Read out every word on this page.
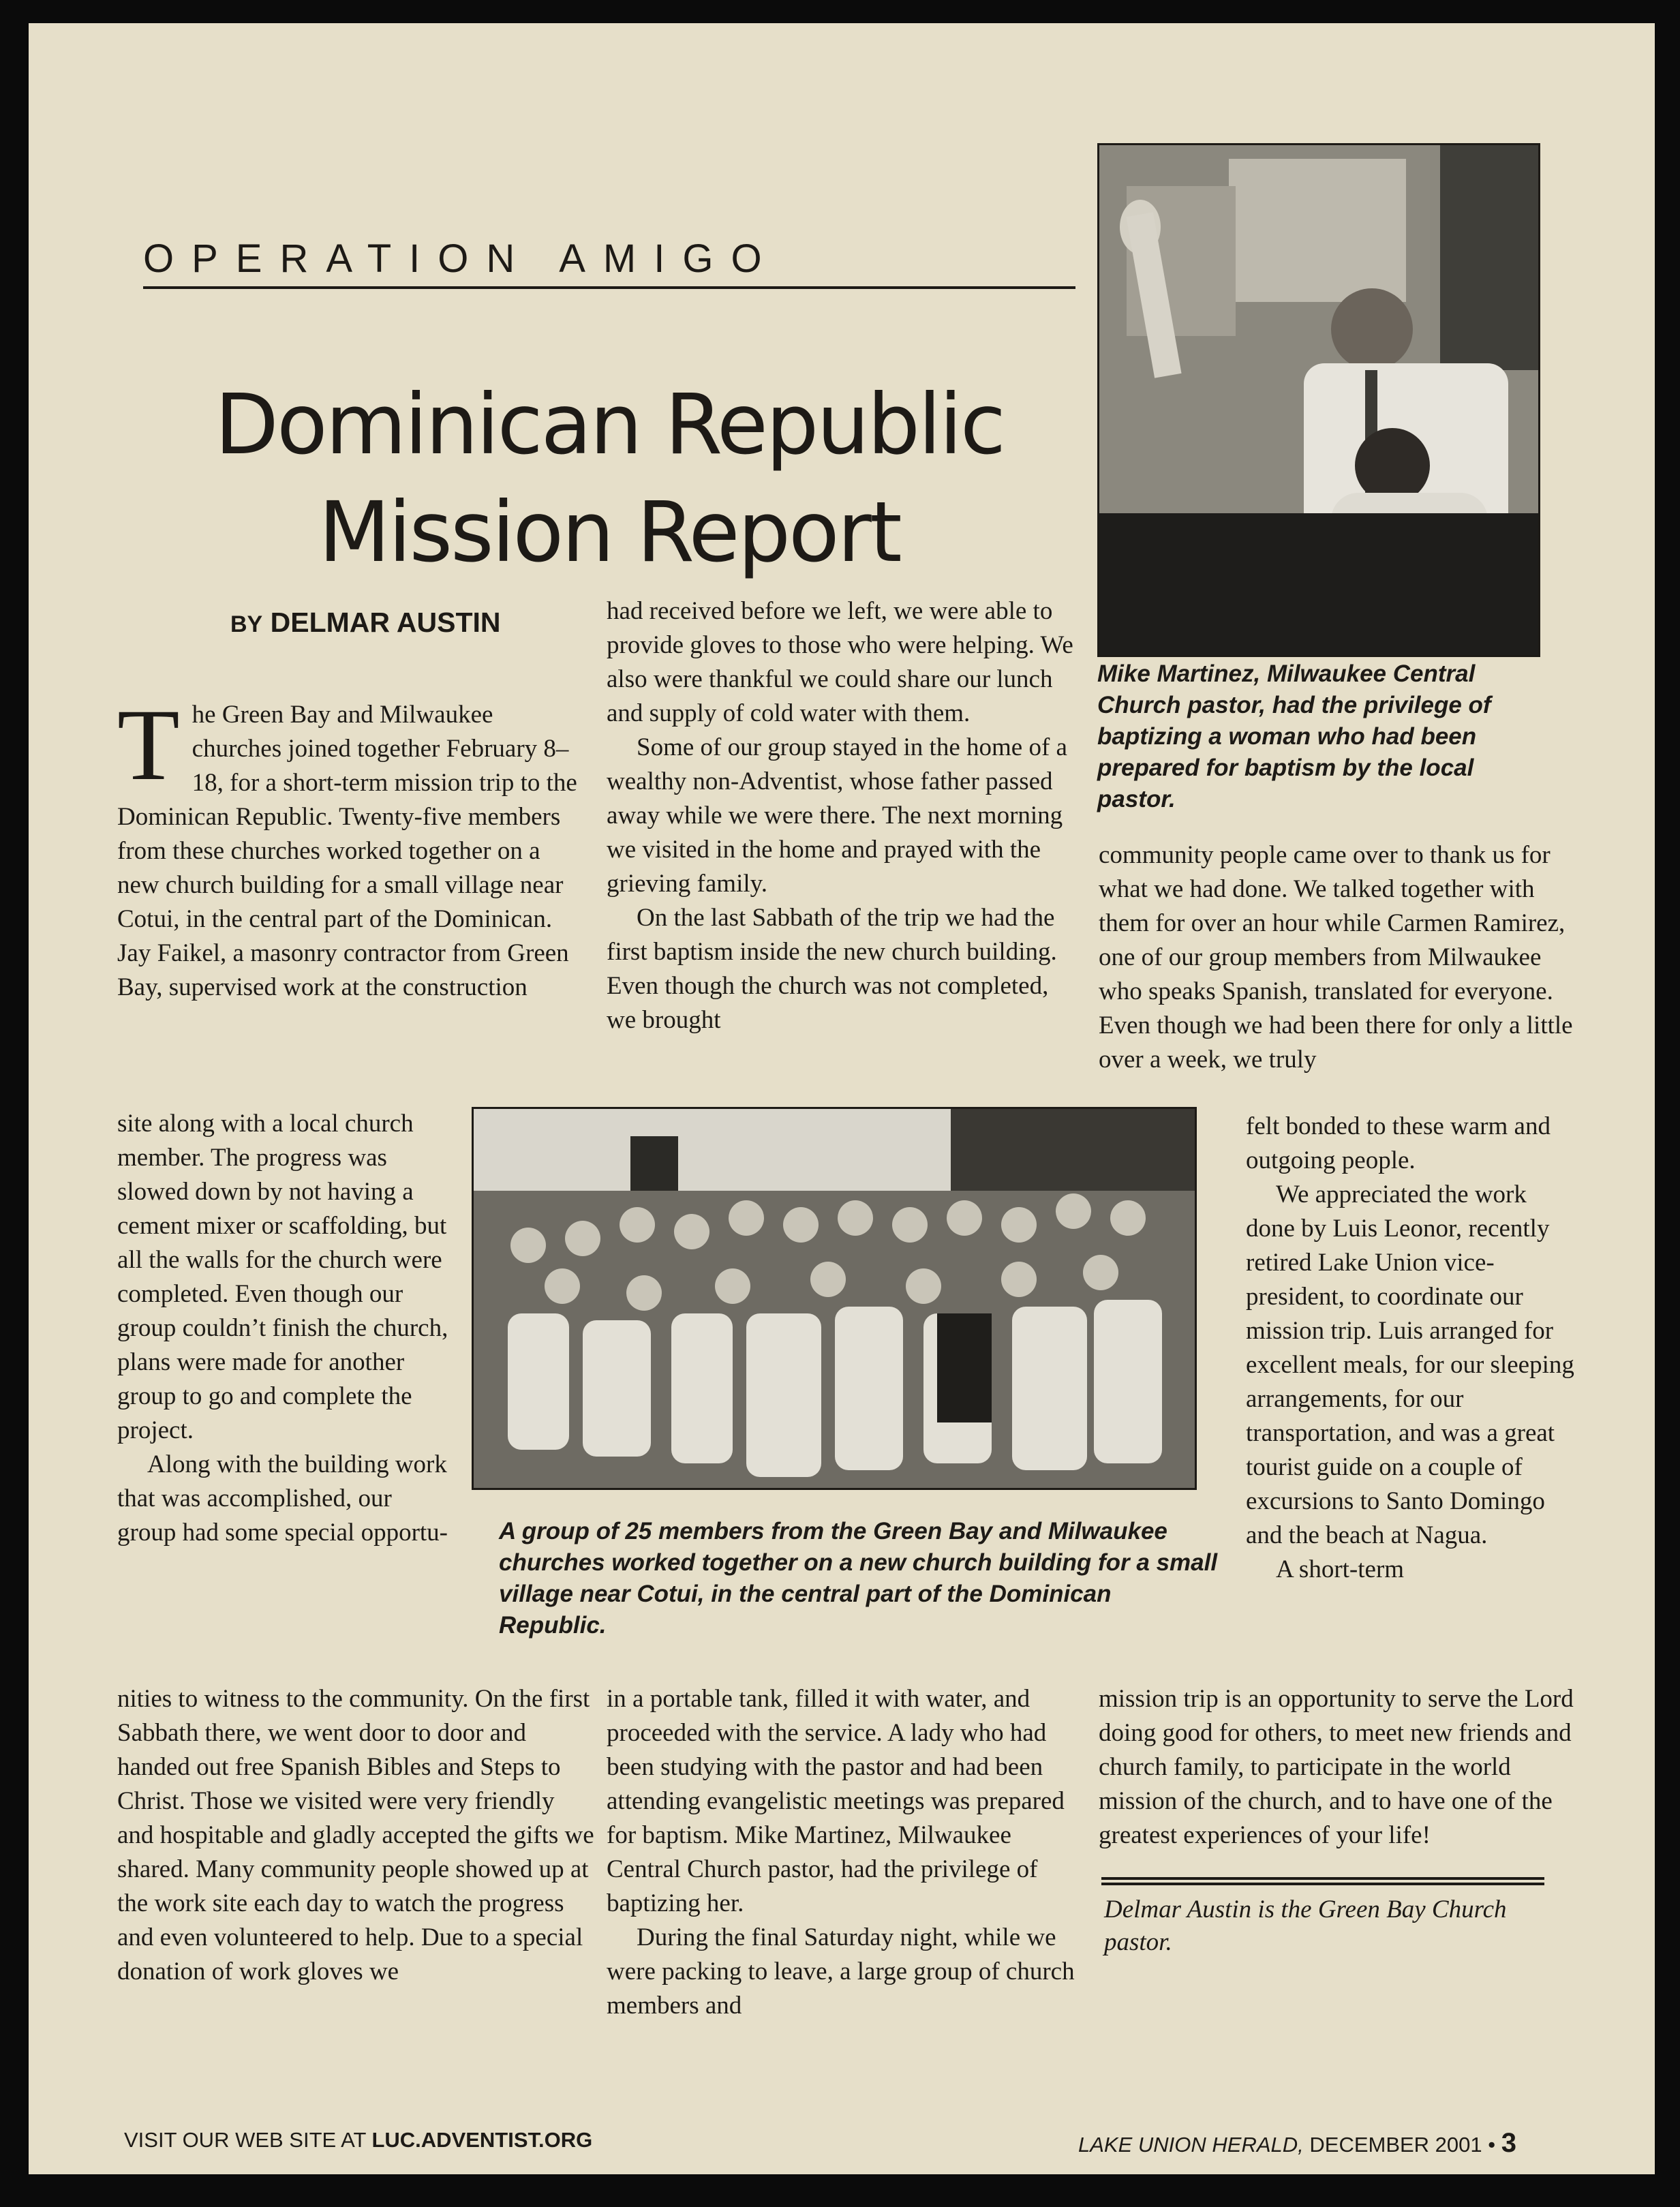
OPERATION AMIGO
Dominican Republic
Mission Report
BY DELMAR AUSTIN
Mike Martinez, Milwaukee Central Church pastor, had the privilege of baptizing a woman who had been prepared for baptism by the local pastor.

The Green Bay and Milwaukee churches joined together February 8–18, for a short-term mission trip to the Dominican Republic. Twenty-five members from these churches worked together on a new church building for a small village near Cotui, in the central part of the Dominican. Jay Faikel, a masonry contractor from Green Bay, supervised work at the construction

site along with a local church member. The progress was slowed down by not having a cement mixer or scaffolding, but all the walls for the church were completed. Even though our group couldn’t finish the church, plans were made for another group to go and complete the project.

Along with the building work that was accomplished, our group had some special opportu-

nities to witness to the community. On the first Sabbath there, we went door to door and handed out free Spanish Bibles and Steps to Christ. Those we visited were very friendly and hospitable and gladly accepted the gifts we shared. Many community people showed up at the work site each day to watch the progress and even volunteered to help. Due to a special donation of work gloves we

had received before we left, we were able to provide gloves to those who were helping. We also were thankful we could share our lunch and supply of cold water with them.

Some of our group stayed in the home of a wealthy non-Adventist, whose father passed away while we were there. The next morning we visited in the home and prayed with the grieving family.

On the last Sabbath of the trip we had the first baptism inside the new church building. Even though the church was not completed, we brought

A group of 25 members from the Green Bay and Milwaukee churches worked together on a new church building for a small village near Cotui, in the central part of the Dominican Republic.

in a portable tank, filled it with water, and proceeded with the service. A lady who had been studying with the pastor and had been attending evangelistic meetings was prepared for baptism. Mike Martinez, Milwaukee Central Church pastor, had the privilege of baptizing her.

During the final Saturday night, while we were packing to leave, a large group of church members and

community people came over to thank us for what we had done. We talked together with them for over an hour while Carmen Ramirez, one of our group members from Milwaukee who speaks Spanish, translated for everyone. Even though we had been there for only a little over a week, we truly

felt bonded to these warm and outgoing people.

We appreciated the work done by Luis Leonor, recently retired Lake Union vice-president, to coordinate our mission trip. Luis arranged for excellent meals, for our sleeping arrangements, for our transportation, and was a great tourist guide on a couple of excursions to Santo Domingo and the beach at Nagua.

A short-term

mission trip is an opportunity to serve the Lord doing good for others, to meet new friends and church family, to participate in the world mission of the church, and to have one of the greatest experiences of your life!

Delmar Austin is the Green Bay Church pastor.
VISIT OUR WEB SITE AT LUC.ADVENTIST.ORG	LAKE UNION HERALD, DECEMBER 2001 • 3
